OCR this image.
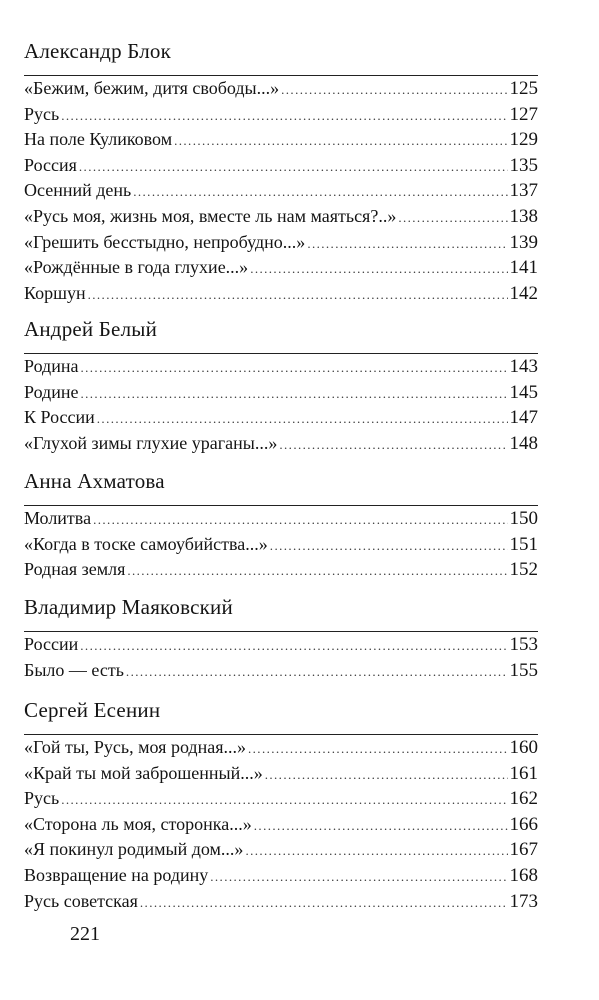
Александр Блок
«Бежим, бежим, дитя свободы...» .....	125
Русь .....	127
На поле Куликовом .....	129
Россия .....	135
Осенний день .....	137
«Русь моя, жизнь моя, вместе ль нам маяться?..» .....	138
«Грешить бесстыдно, непробудно...» .....	139
«Рождённые в года глухие...» .....	141
Коршун .....	142
Андрей Белый
Родина .....	143
Родине .....	145
К России .....	147
«Глухой зимы глухие ураганы...» .....	148
Анна Ахматова
Молитва .....	150
«Когда в тоске самоубийства...» .....	151
Родная земля .....	152
Владимир Маяковский
России .....	153
Было — есть .....	155
Сергей Есенин
«Гой ты, Русь, моя родная...» .....	160
«Край ты мой заброшенный...» .....	161
Русь .....	162
«Сторона ль моя, сторонка...» .....	166
«Я покинул родимый дом...» .....	167
Возвращение на родину .....	168
Русь советская .....	173
221
